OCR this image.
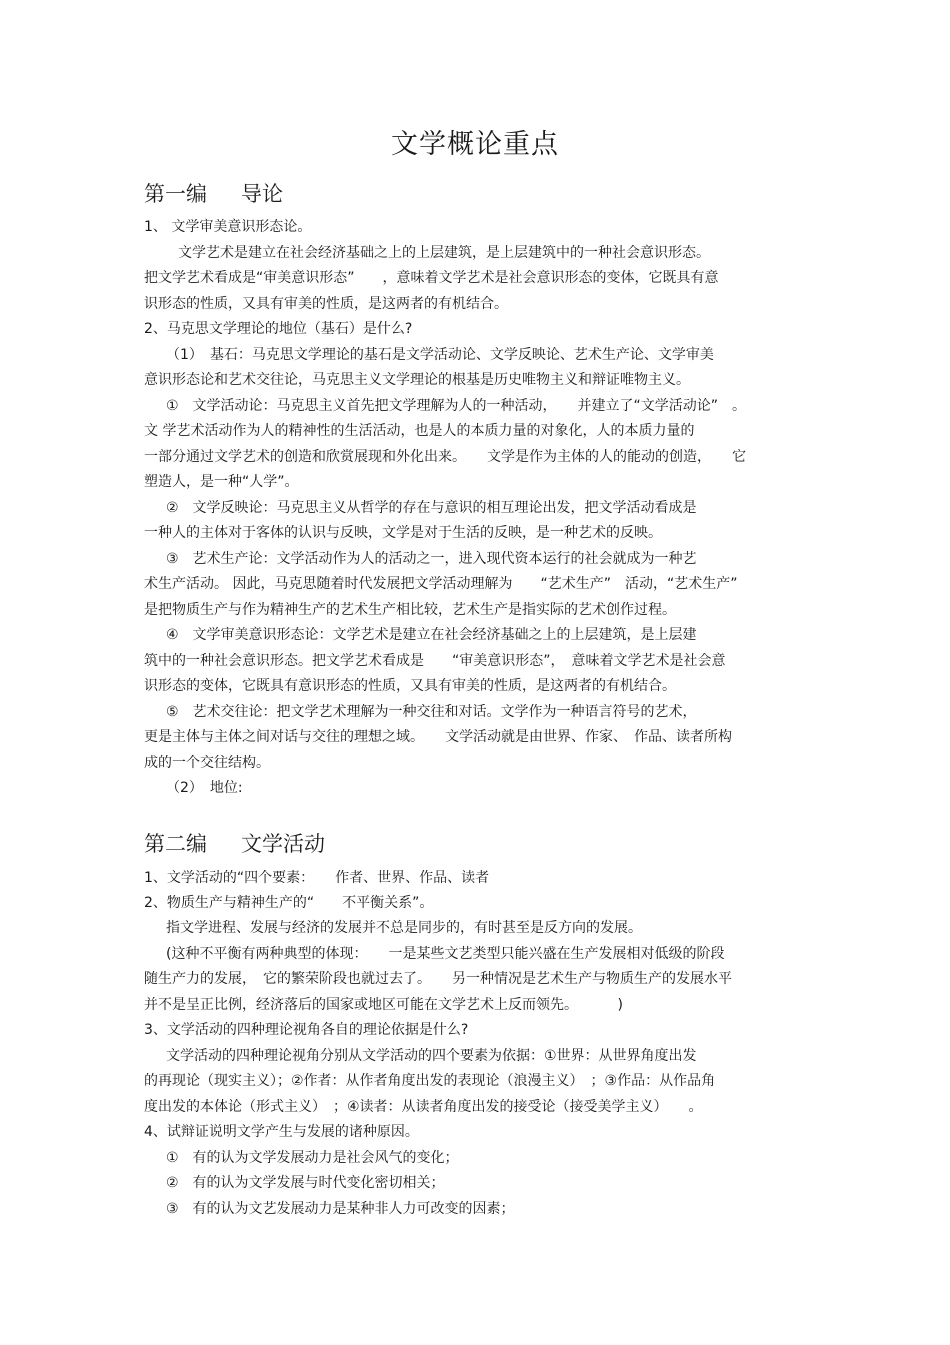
文学概论重点
第一编 导论
1、 文学审美意识形态论。
文学艺术是建立在社会经济基础之上的上层建筑，是上层建筑中的一种社会意识形态。
把文学艺术看成是“审美意识形态”　　，意味着文学艺术是社会意识形态的变体，它既具有意
识形态的性质，又具有审美的性质，是这两者的有机结合。
2、马克思文学理论的地位（基石）是什么?
（1）　基石：马克思文学理论的基石是文学活动论、文学反映论、艺术生产论、文学审美
意识形态论和艺术交往论，马克思主义文学理论的根基是历史唯物主义和辩证唯物主义。
①　文学活动论：马克思主义首先把文学理解为人的一种活动，　　并建立了“文学活动论”　。
文 学艺术活动作为人的精神性的生活活动，也是人的本质力量的对象化，人的本质力量的
一部分通过文学艺术的创造和欣赏展现和外化出来。　　文学是作为主体的人的能动的创造，　　它
塑造人，是一种“人学”。
②　文学反映论：马克思主义从哲学的存在与意识的相互理论出发，把文学活动看成是
一种人的主体对于客体的认识与反映，文学是对于生活的反映，是一种艺术的反映。
③　艺术生产论：文学活动作为人的活动之一，进入现代资本运行的社会就成为一种艺
术生产活动。 因此，马克思随着时代发展把文学活动理解为　　“艺术生产”　活动，“艺术生产”
是把物质生产与作为精神生产的艺术生产相比较，艺术生产是指实际的艺术创作过程。
④　文学审美意识形态论：文学艺术是建立在社会经济基础之上的上层建筑，是上层建
筑中的一种社会意识形态。把文学艺术看成是　　“审美意识形态”，　意味着文学艺术是社会意
识形态的变体，它既具有意识形态的性质，又具有审美的性质，是这两者的有机结合。
⑤　艺术交往论：把文学艺术理解为一种交往和对话。文学作为一种语言符号的艺术，
更是主体与主体之间对话与交往的理想之域。　　文学活动就是由世界、作家、　作品、读者所构
成的一个交往结构。
（2）　地位:
第二编 文学活动
1、文学活动的“四个要素：　　作者、世界、作品、读者
2、物质生产与精神生产的“　　不平衡关系”。
指文学进程、发展与经济的发展并不总是同步的，有时甚至是反方向的发展。
(这种不平衡有两种典型的体现：　　一是某些文艺类型只能兴盛在生产发展相对低级的阶段
随生产力的发展，　它的繁荣阶段也就过去了。　　另一种情况是艺术生产与物质生产的发展水平
并不是呈正比例，经济落后的国家或地区可能在文学艺术上反而领先。　　　 )
3、文学活动的四种理论视角各自的理论依据是什么?
文学活动的四种理论视角分别从文学活动的四个要素为依据：①世界：从世界角度出发
的再现论（现实主义）；②作者：从作者角度出发的表现论（浪漫主义）　；③作品：从作品角
度出发的本体论（形式主义）　；④读者：从读者角度出发的接受论（接受美学主义）　　。
4、试辩证说明文学产生与发展的诸种原因。
①　有的认为文学发展动力是社会风气的变化；
②　有的认为文学发展与时代变化密切相关；
③　有的认为文艺发展动力是某种非人力可改变的因素；
